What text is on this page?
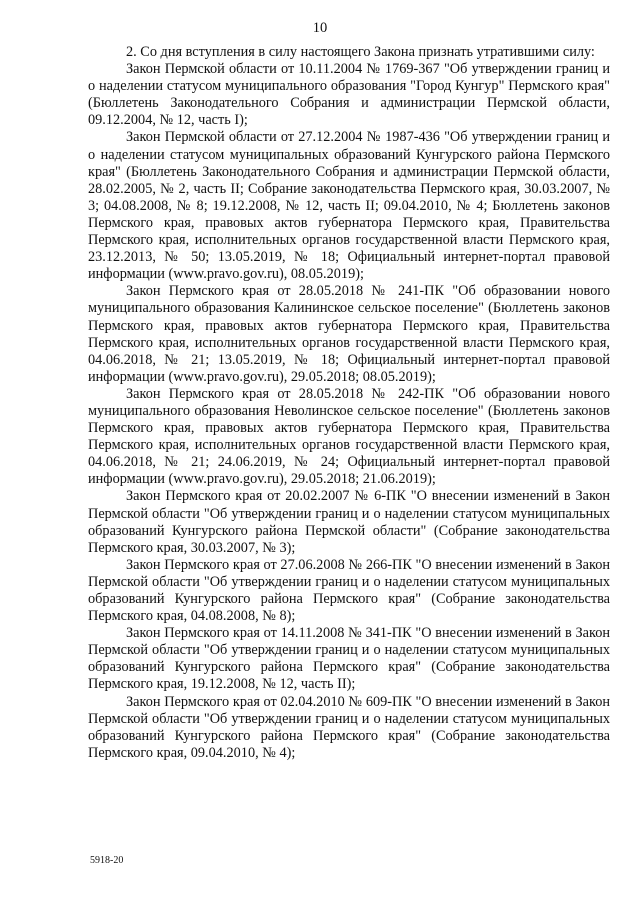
10

2. Со дня вступления в силу настоящего Закона признать утратившими силу:

Закон Пермской области от 10.11.2004 № 1769-367 "Об утверждении границ и о наделении статусом муниципального образования "Город Кунгур" Пермского края" (Бюллетень Законодательного Собрания и администрации Пермской области, 09.12.2004, № 12, часть I);

Закон Пермской области от 27.12.2004 № 1987-436 "Об утверждении границ и о наделении статусом муниципальных образований Кунгурского района Пермского края" (Бюллетень Законодательного Собрания и администрации Пермской области, 28.02.2005, № 2, часть II; Собрание законодательства Пермского края, 30.03.2007, № 3; 04.08.2008, № 8; 19.12.2008, № 12, часть II; 09.04.2010, № 4; Бюллетень законов Пермского края, правовых актов губернатора Пермского края, Правительства Пермского края, исполнительных органов государственной власти Пермского края, 23.12.2013, № 50; 13.05.2019, № 18; Официальный интернет-портал правовой информации (www.pravo.gov.ru), 08.05.2019);

Закон Пермского края от 28.05.2018 № 241-ПК "Об образовании нового муниципального образования Калининское сельское поселение" (Бюллетень законов Пермского края, правовых актов губернатора Пермского края, Правительства Пермского края, исполнительных органов государственной власти Пермского края, 04.06.2018, № 21; 13.05.2019, № 18; Официальный интернет-портал правовой информации (www.pravo.gov.ru), 29.05.2018; 08.05.2019);

Закон Пермского края от 28.05.2018 № 242-ПК "Об образовании нового муниципального образования Неволинское сельское поселение" (Бюллетень законов Пермского края, правовых актов губернатора Пермского края, Правительства Пермского края, исполнительных органов государственной власти Пермского края, 04.06.2018, № 21; 24.06.2019, № 24; Официальный интернет-портал правовой информации (www.pravo.gov.ru), 29.05.2018; 21.06.2019);

Закон Пермского края от 20.02.2007 № 6-ПК "О внесении изменений в Закон Пермской области "Об утверждении границ и о наделении статусом муниципальных образований Кунгурского района Пермской области" (Собрание законодательства Пермского края, 30.03.2007, № 3);

Закон Пермского края от 27.06.2008 № 266-ПК "О внесении изменений в Закон Пермской области "Об утверждении границ и о наделении статусом муниципальных образований Кунгурского района Пермского края" (Собрание законодательства Пермского края, 04.08.2008, № 8);

Закон Пермского края от 14.11.2008 № 341-ПК "О внесении изменений в Закон Пермской области "Об утверждении границ и о наделении статусом муниципальных образований Кунгурского района Пермского края" (Собрание законодательства Пермского края, 19.12.2008, № 12, часть II);

Закон Пермского края от 02.04.2010 № 609-ПК "О внесении изменений в Закон Пермской области "Об утверждении границ и о наделении статусом муниципальных образований Кунгурского района Пермского края" (Собрание законодательства Пермского края, 09.04.2010, № 4);

5918-20
